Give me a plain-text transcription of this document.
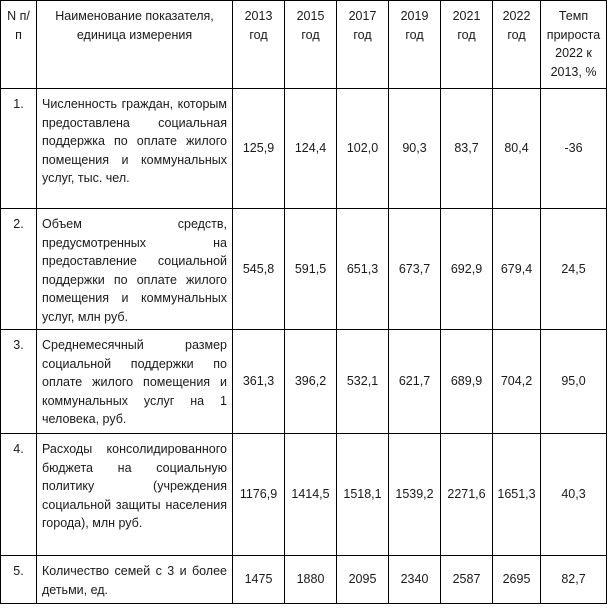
N п/п	Наименование показателя, единица измерения	2013 год	2015 год	2017 год	2019 год	2021 год	2022 год	Темп прироста 2022 к 2013, %
1.	Численность граждан, которым предоставлена социальная поддержка по оплате жилого помещения и коммунальных услуг, тыс. чел.	125,9	124,4	102,0	90,3	83,7	80,4	-36
2.	Объем средств, предусмотренных на предоставление социальной поддержки по оплате жилого помещения и коммунальных услуг, млн руб.	545,8	591,5	651,3	673,7	692,9	679,4	24,5
3.	Среднемесячный размер социальной поддержки по оплате жилого помещения и коммунальных услуг на 1 человека, руб.	361,3	396,2	532,1	621,7	689,9	704,2	95,0
4.	Расходы консолидированного бюджета на социальную политику (учреждения социальной защиты населения города), млн руб.	1176,9	1414,5	1518,1	1539,2	2271,6	1651,3	40,3
5.	Количество семей с 3 и более детьми, ед.	1475	1880	2095	2340	2587	2695	82,7
